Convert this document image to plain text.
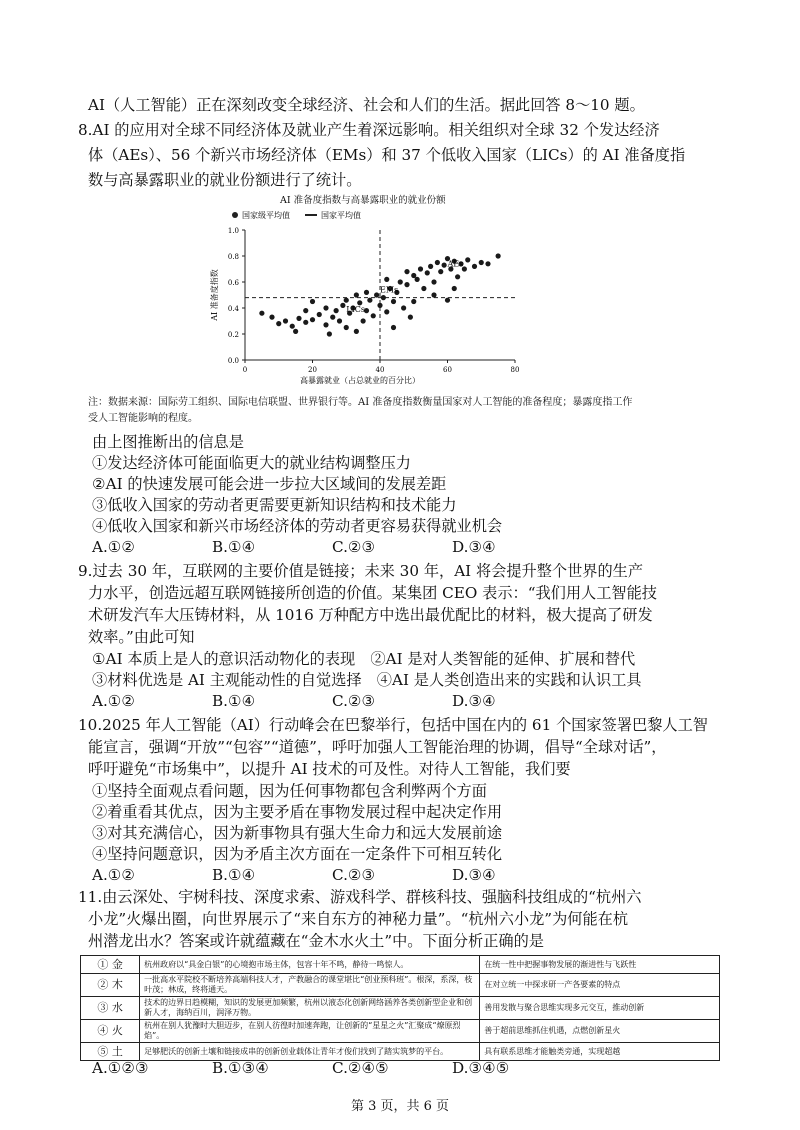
AI（人工智能）正在深刻改变全球经济、社会和人们的生活。据此回答 8～10 题。
8.AI 的应用对全球不同经济体及就业产生着深远影响。相关组织对全球 32 个发达经济
体（AEs）、56 个新兴市场经济体（EMs）和 37 个低收入国家（LICs）的 AI 准备度指
数与高暴露职业的就业份额进行了统计。
AI 准备度指数与高暴露职业的就业份额
国家级平均值	国家平均值
0.0
0.2
0.4
0.6
0.8
1.0
0	20	40	60	80
AI 准备度指数
高暴露就业（占总就业的百分比）
AEs
EMs
LICs
注：数据来源：国际劳工组织、国际电信联盟、世界银行等。AI 准备度指数衡量国家对人工智能的准备程度；暴露度指工作
受人工智能影响的程度。
由上图推断出的信息是
①发达经济体可能面临更大的就业结构调整压力
②AI 的快速发展可能会进一步拉大区域间的发展差距
③低收入国家的劳动者更需要更新知识结构和技术能力
④低收入国家和新兴市场经济体的劳动者更容易获得就业机会
A.①②	B.①④	C.②③	D.③④
9.过去 30 年，互联网的主要价值是链接；未来 30 年，AI 将会提升整个世界的生产
力水平，创造远超互联网链接所创造的价值。某集团 CEO 表示：“我们用人工智能技
术研发汽车大压铸材料，从 1016 万种配方中选出最优配比的材料，极大提高了研发
效率。”由此可知
①AI 本质上是人的意识活动物化的表现　②AI 是对人类智能的延伸、扩展和替代
③材料优选是 AI 主观能动性的自觉选择　④AI 是人类创造出来的实践和认识工具
A.①②	B.①④	C.②③	D.③④
10.2025 年人工智能（AI）行动峰会在巴黎举行，包括中国在内的 61 个国家签署巴黎人工智
能宣言，强调“开放”“包容”“道德”，呼吁加强人工智能治理的协调，倡导“全球对话”，
呼吁避免“市场集中”，以提升 AI 技术的可及性。对待人工智能，我们要
①坚持全面观点看问题，因为任何事物都包含利弊两个方面
②着重看其优点，因为主要矛盾在事物发展过程中起决定作用
③对其充满信心，因为新事物具有强大生命力和远大发展前途
④坚持问题意识，因为矛盾主次方面在一定条件下可相互转化
① 金	杭州政府以“具金白银”的心境抱市场主体，包容十年不鸣，静待一鸣惊人。	在统一性中把握事物发展的渐进性与飞跃性
② 木	一批高水平院校不断培养高端科技人才，产教融合的课堂堪比“创业预科班”。根深，系深，枝叶茂；林成，终将通天。	在对立统一中探求研一产各要素的特点
③ 水	技术的边界日趋模糊，知识的发展更加频繁，杭州以液态化创新网络涵养各类创新型企业和创新人才，海纳百川，润泽万物。	善用发散与聚合思维实现多元交互，推动创新
④ 火	杭州在别人犹豫时大胆迈步，在别人彷徨时加速奔跑，让创新的“星星之火”汇聚成“燎原烈焰”。	善于超前思维抓住机遇，点燃创新星火
⑤ 土	足够肥沃的创新土壤和链接成串的创新创业载体让青年才俊们找到了踏实筑梦的平台。	具有联系思维才能触类旁通，实现超越
第 3 页，共 6 页
A.①②	B.①④	C.②③	D.③④
11.由云深处、宇树科技、深度求索、游戏科学、群核科技、强脑科技组成的“杭州六
小龙”火爆出圈，向世界展示了“来自东方的神秘力量”。“杭州六小龙”为何能在杭
州潜龙出水？答案或许就蕴藏在“金木水火土”中。下面分析正确的是
A.①②③	B.①③④	C.②④⑤	D.③④⑤
